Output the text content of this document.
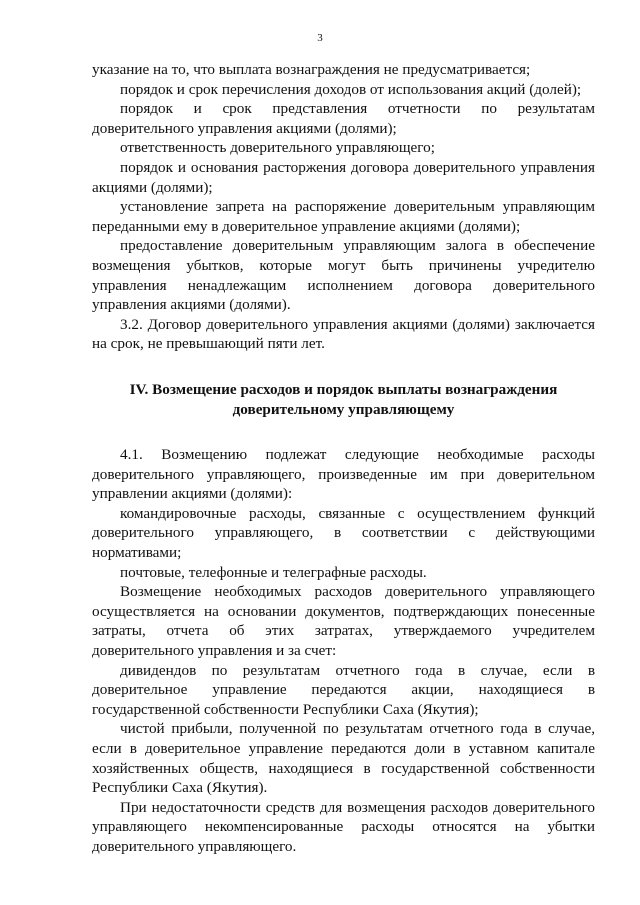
3

указание на то, что выплата вознаграждения не предусматривается;

порядок и срок перечисления доходов от использования акций (долей);

порядок и срок представления отчетности по результатам доверительного управления акциями (долями);

ответственность доверительного управляющего;

порядок и основания расторжения договора доверительного управления акциями (долями);

установление запрета на распоряжение доверительным управляющим переданными ему в доверительное управление акциями (долями);

предоставление доверительным управляющим залога в обеспечение возмещения убытков, которые могут быть причинены учредителю управления ненадлежащим исполнением договора доверительного управления акциями (долями).

3.2. Договор доверительного управления акциями (долями) заключается на срок, не превышающий пяти лет.

IV. Возмещение расходов и порядок выплаты вознаграждения
доверительному управляющему

4.1. Возмещению подлежат следующие необходимые расходы доверительного управляющего, произведенные им при доверительном управлении акциями (долями):

командировочные расходы, связанные с осуществлением функций доверительного управляющего, в соответствии с действующими нормативами;

почтовые, телефонные и телеграфные расходы.

Возмещение необходимых расходов доверительного управляющего осуществляется на основании документов, подтверждающих понесенные затраты, отчета об этих затратах, утверждаемого учредителем доверительного управления и за счет:

дивидендов по результатам отчетного года в случае, если в доверительное управление передаются акции, находящиеся в государственной собственности Республики Саха (Якутия);

чистой прибыли, полученной по результатам отчетного года в случае, если в доверительное управление передаются доли в уставном капитале хозяйственных обществ, находящиеся в государственной собственности Республики Саха (Якутия).

При недостаточности средств для возмещения расходов доверительного управляющего некомпенсированные расходы относятся на убытки доверительного управляющего.
